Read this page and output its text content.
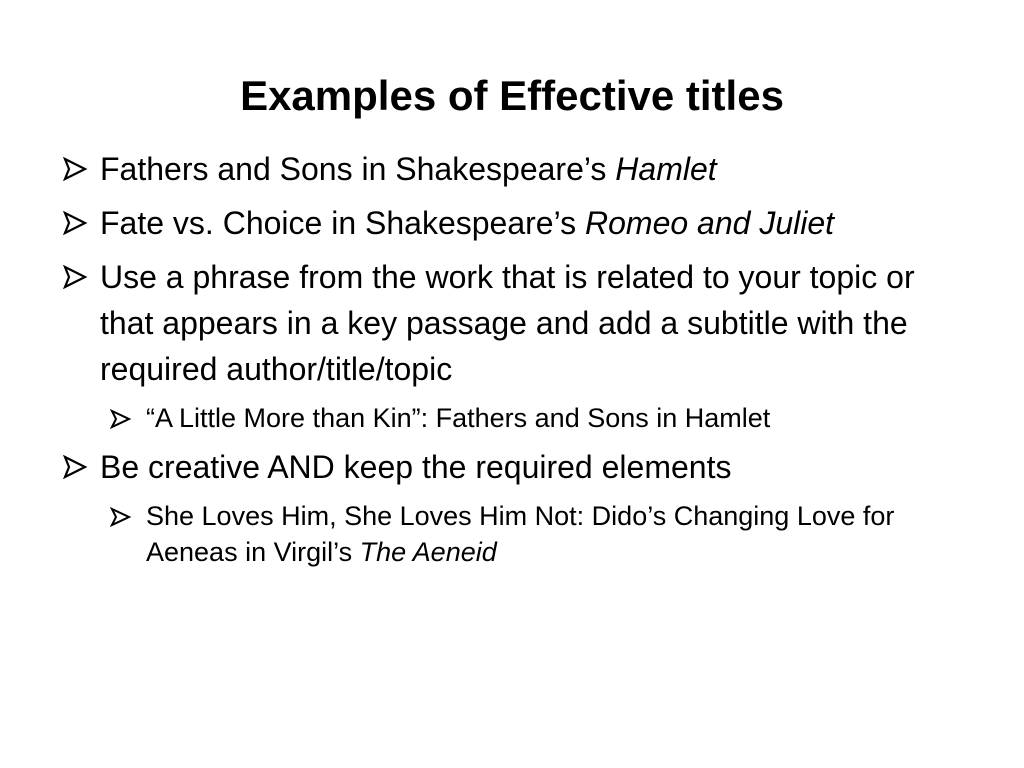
Examples of Effective titles
Fathers and Sons in Shakespeare’s Hamlet
Fate vs. Choice in Shakespeare’s Romeo and Juliet
Use a phrase from the work that is related to your topic or that appears in a key passage and add a subtitle with the required author/title/topic
“A Little More than Kin”: Fathers and Sons in Hamlet
Be creative AND keep the required elements
She Loves Him, She Loves Him Not: Dido’s Changing Love for Aeneas in Virgil’s The Aeneid
